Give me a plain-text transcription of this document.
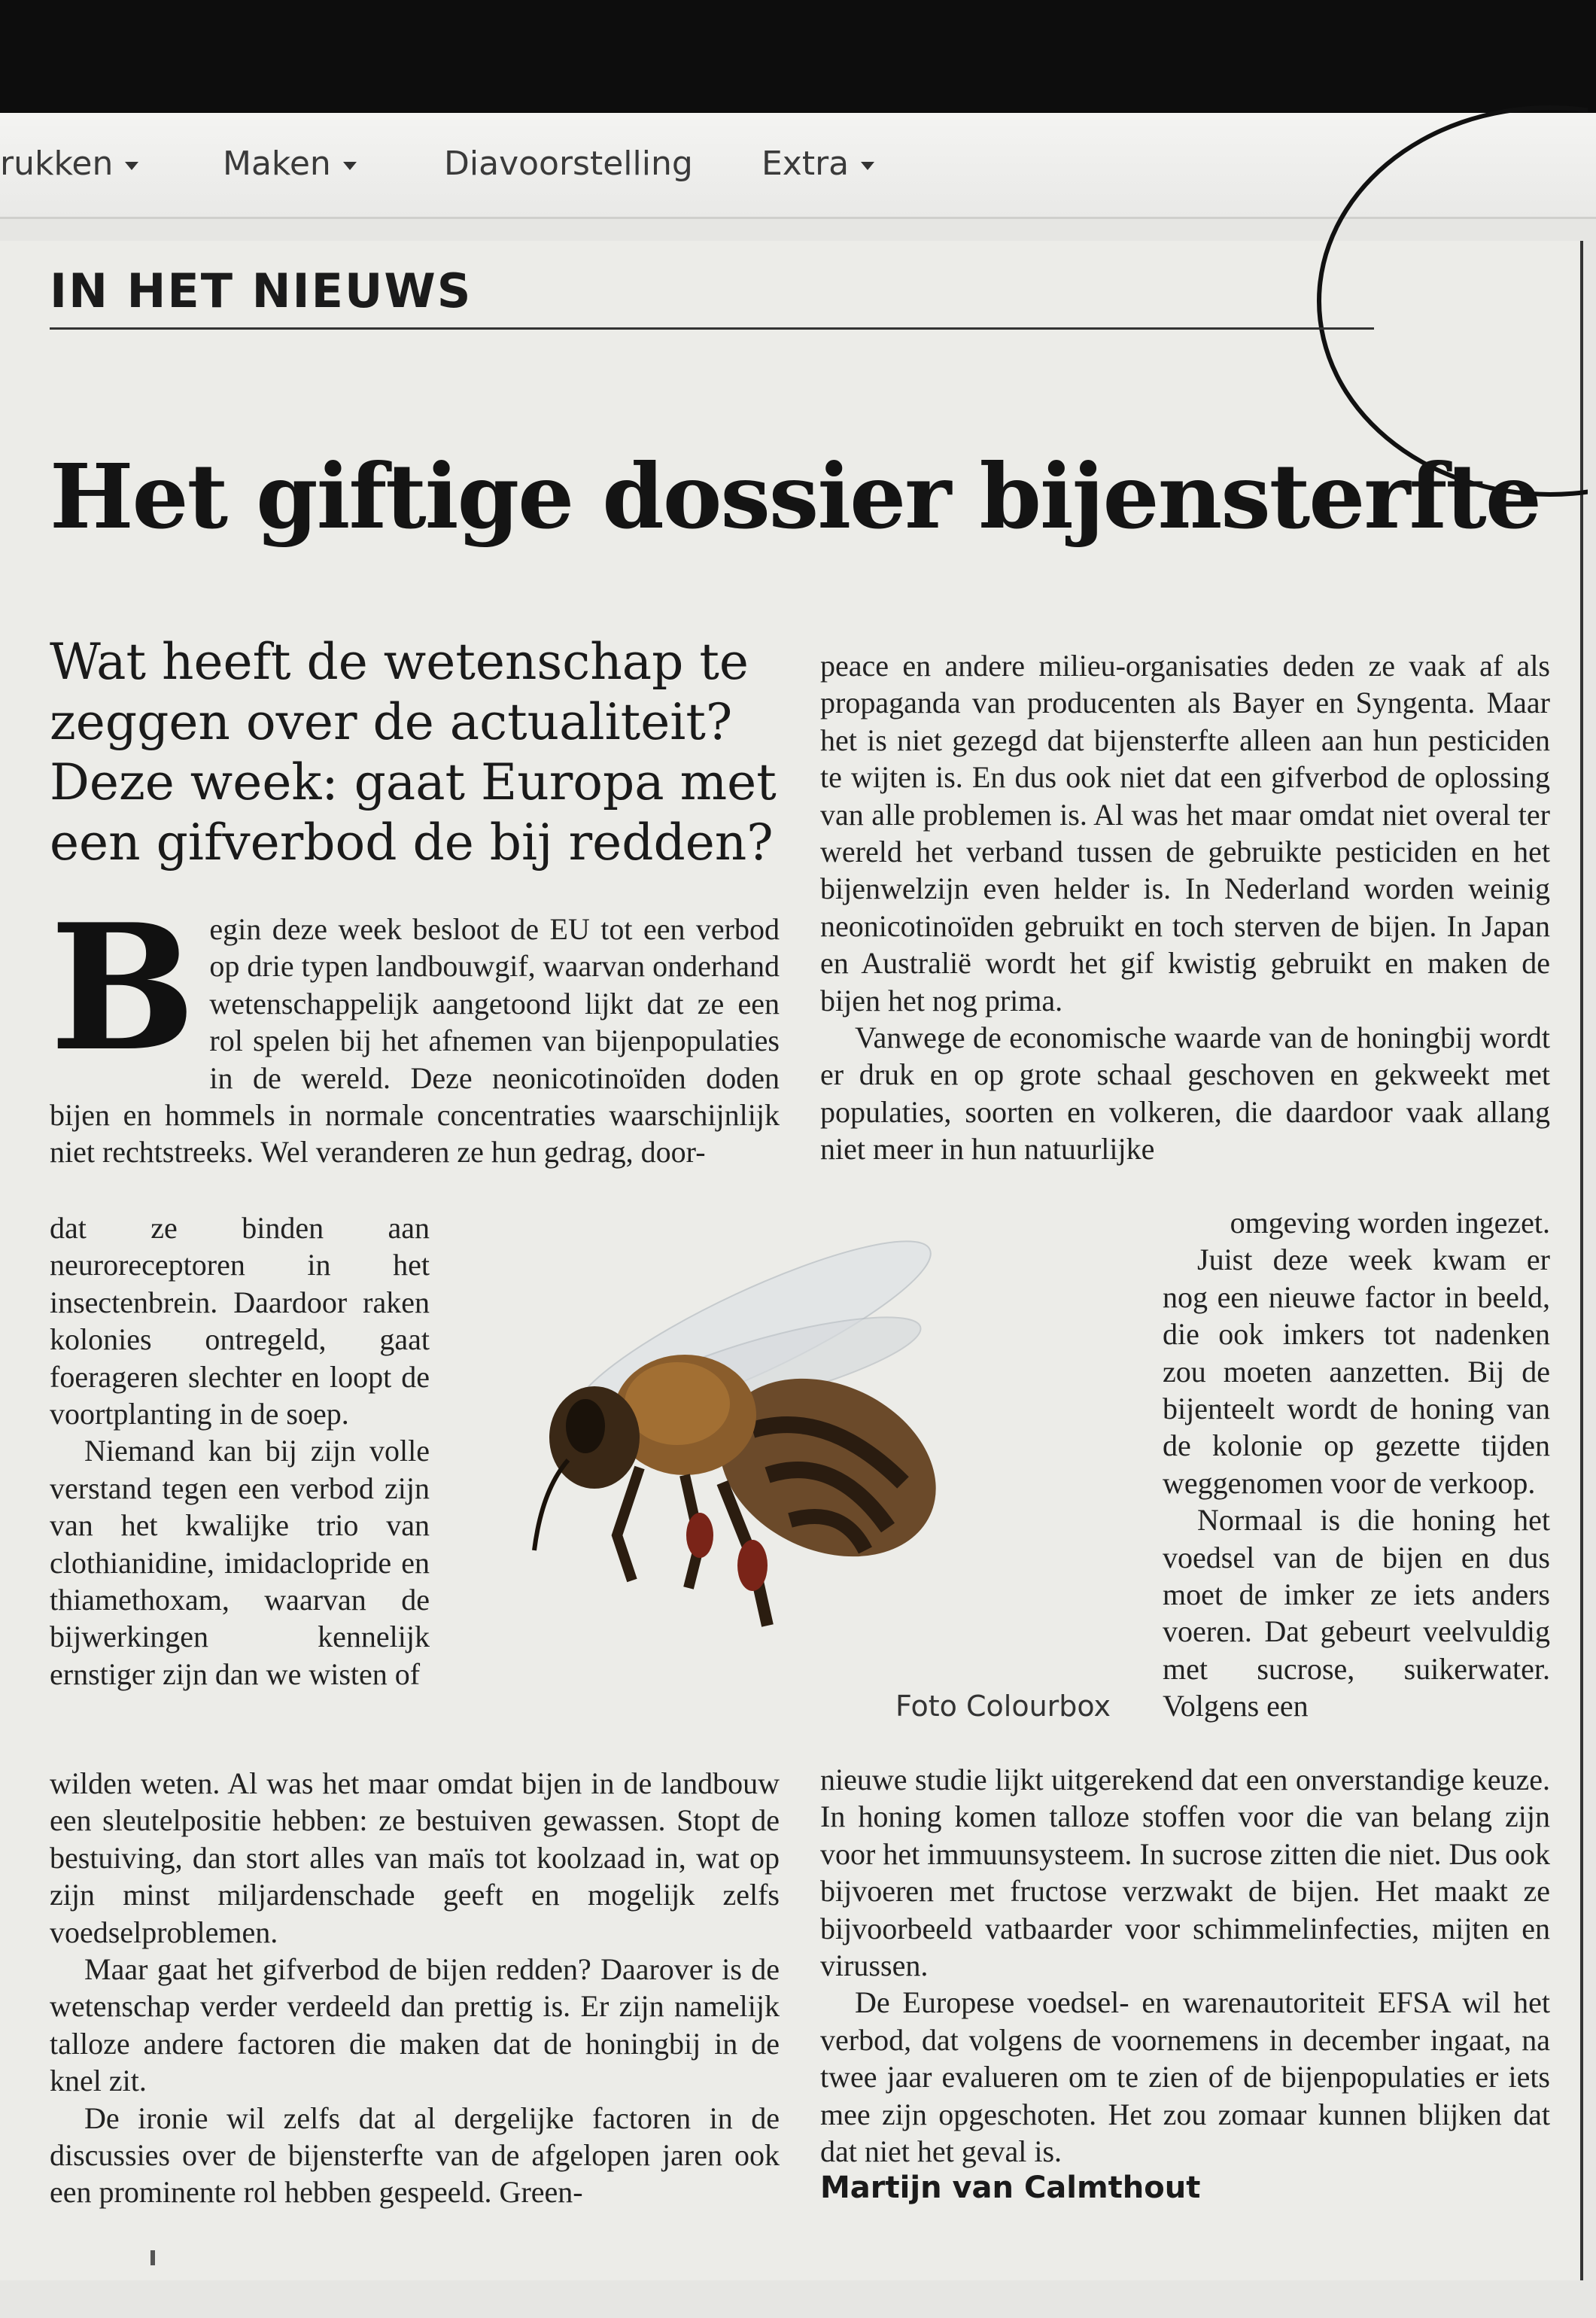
rukken	Maken	Diavoorstelling Extra
IN HET NIEUWS
Het giftige dossier bijensterfte
Wat heeft de wetenschap te zeggen over de actualiteit? Deze week: gaat Europa met een gifverbod de bij redden?

Begin deze week besloot de EU tot een verbod op drie typen landbouwgif, waarvan onderhand wetenschappelijk aangetoond lijkt dat ze een rol spelen bij het afnemen van bijenpopulaties in de wereld. Deze neonicotinoïden doden bijen en hommels in normale concentraties waarschijnlijk niet rechtstreeks. Wel veranderen ze hun gedrag, door-

dat ze binden aan neuroreceptoren in het insectenbrein. Daardoor raken kolonies ontregeld, gaat foerageren slechter en loopt de voortplanting in de soep.

Niemand kan bij zijn volle verstand tegen een verbod zijn van het kwalijke trio van clothianidine, imidaclopride en thiamethoxam, waarvan de bijwerkingen kennelijk ernstiger zijn dan we wisten of

wilden weten. Al was het maar omdat bijen in de landbouw een sleutelpositie hebben: ze bestuiven gewassen. Stopt de bestuiving, dan stort alles van maïs tot koolzaad in, wat op zijn minst miljardenschade geeft en mogelijk zelfs voedselproblemen.

Maar gaat het gifverbod de bijen redden? Daarover is de wetenschap verder verdeeld dan prettig is. Er zijn namelijk talloze andere factoren die maken dat de honingbij in de knel zit.

De ironie wil zelfs dat al dergelijke factoren in de discussies over de bijensterfte van de afgelopen jaren ook een prominente rol hebben gespeeld. Green-

peace en andere milieu-organisaties deden ze vaak af als propaganda van producenten als Bayer en Syngenta. Maar het is niet gezegd dat bijensterfte alleen aan hun pesticiden te wijten is. En dus ook niet dat een gifverbod de oplossing van alle problemen is. Al was het maar omdat niet overal ter wereld het verband tussen de gebruikte pesticiden en het bijenwelzijn even helder is. In Nederland worden weinig neonicotinoïden gebruikt en toch sterven de bijen. In Japan en Australië wordt het gif kwistig gebruikt en maken de bijen het nog prima.

Vanwege de economische waarde van de honingbij wordt er druk en op grote schaal geschoven en gekweekt met populaties, soorten en volkeren, die daardoor vaak allang niet meer in hun natuurlijke

omgeving worden ingezet.

Juist deze week kwam er nog een nieuwe factor in beeld, die ook imkers tot nadenken zou moeten aanzetten. Bij de bijenteelt wordt de honing van de kolonie op gezette tijden weggenomen voor de verkoop.

Normaal is die honing het voedsel van de bijen en dus moet de imker ze iets anders voeren. Dat gebeurt veelvuldig met sucrose, suikerwater. Volgens een

nieuwe studie lijkt uitgerekend dat een onverstandige keuze. In honing komen talloze stoffen voor die van belang zijn voor het immuunsysteem. In sucrose zitten die niet. Dus ook bijvoeren met fructose verzwakt de bijen. Het maakt ze bijvoorbeeld vatbaarder voor schimmelinfecties, mijten en virussen.

De Europese voedsel- en warenautoriteit EFSA wil het verbod, dat volgens de voornemens in december ingaat, na twee jaar evalueren om te zien of de bijenpopulaties er iets mee zijn opgeschoten. Het zou zomaar kunnen blijken dat dat niet het geval is.

Martijn van Calmthout
Foto Colourbox
